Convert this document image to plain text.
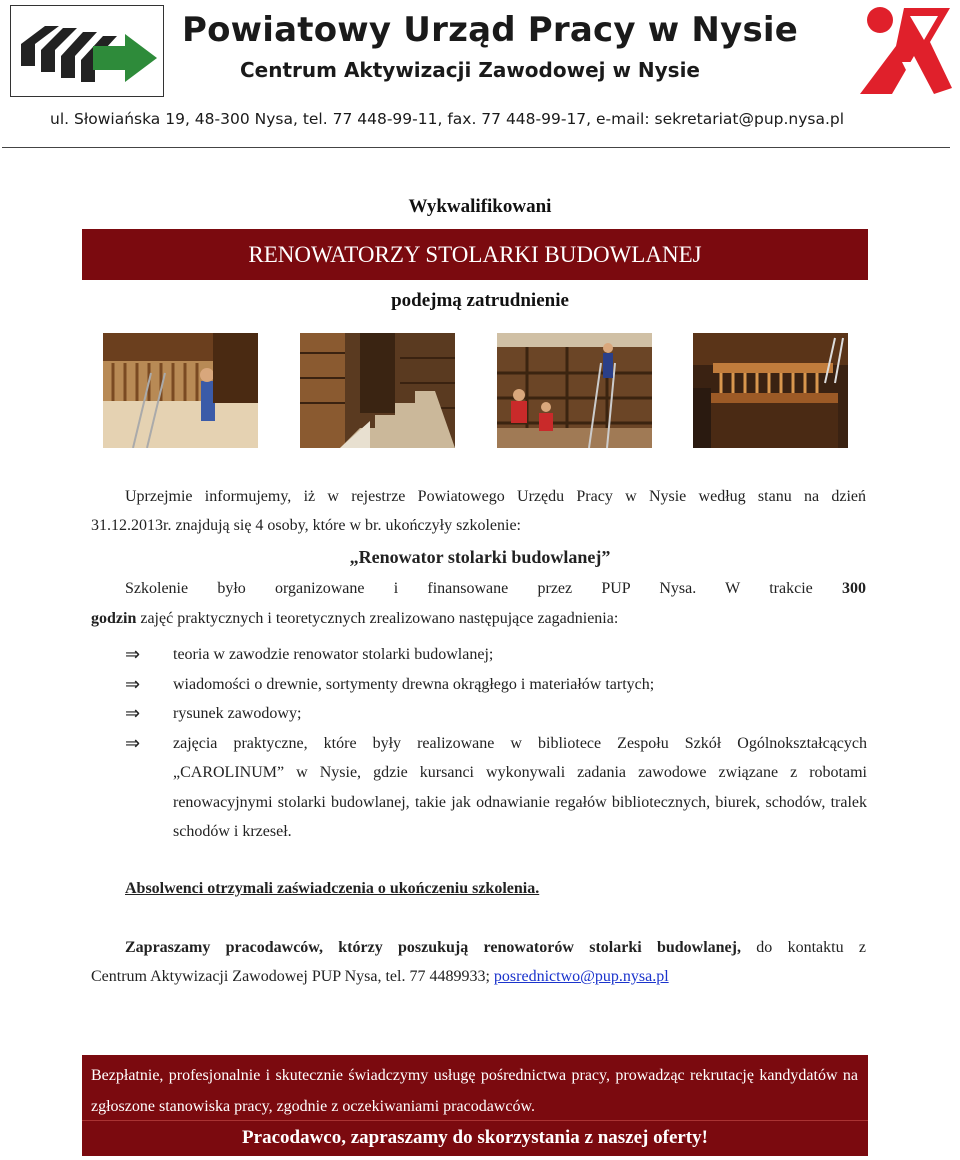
Powiatowy Urząd Pracy w Nysie
Centrum Aktywizacji Zawodowej w Nysie
ul. Słowiańska 19, 48-300 Nysa, tel. 77 448-99-11, fax. 77 448-99-17, e-mail: sekretariat@pup.nysa.pl
Wykwalifikowani
RENOWATORZY STOLARKI BUDOWLANEJ
podejmą zatrudnienie
Uprzejmie informujemy, iż w rejestrze Powiatowego Urzędu Pracy w Nysie według stanu na dzień
31.12.2013r. znajdują się 4 osoby, które w br. ukończyły szkolenie:
„Renowator stolarki budowlanej”
Szkolenie było organizowane i finansowane przez PUP Nysa. W trakcie 300
godzin zajęć praktycznych i teoretycznych zrealizowano następujące zagadnienia:
⇒ teoria w zawodzie renowator stolarki budowlanej;
⇒ wiadomości o drewnie, sortymenty drewna okrągłego i materiałów tartych;
⇒ rysunek zawodowy;
⇒ zajęcia praktyczne, które były realizowane w bibliotece Zespołu Szkół Ogólnokształcących „CAROLINUM” w Nysie, gdzie kursanci wykonywali zadania zawodowe związane z robotami renowacyjnymi stolarki budowlanej, takie jak odnawianie regałów bibliotecznych, biurek, schodów, tralek schodów i krzeseł.
Absolwenci otrzymali zaświadczenia o ukończeniu szkolenia.
Zapraszamy pracodawców, którzy poszukują renowatorów stolarki budowlanej, do kontaktu z
Centrum Aktywizacji Zawodowej PUP Nysa, tel. 77 4489933; posrednictwo@pup.nysa.pl
Bezpłatnie, profesjonalnie i skutecznie świadczymy usługę pośrednictwa pracy, prowadząc rekrutację kandydatów na zgłoszone stanowiska pracy, zgodnie z oczekiwaniami pracodawców.
Pracodawco, zapraszamy do skorzystania z naszej oferty!
